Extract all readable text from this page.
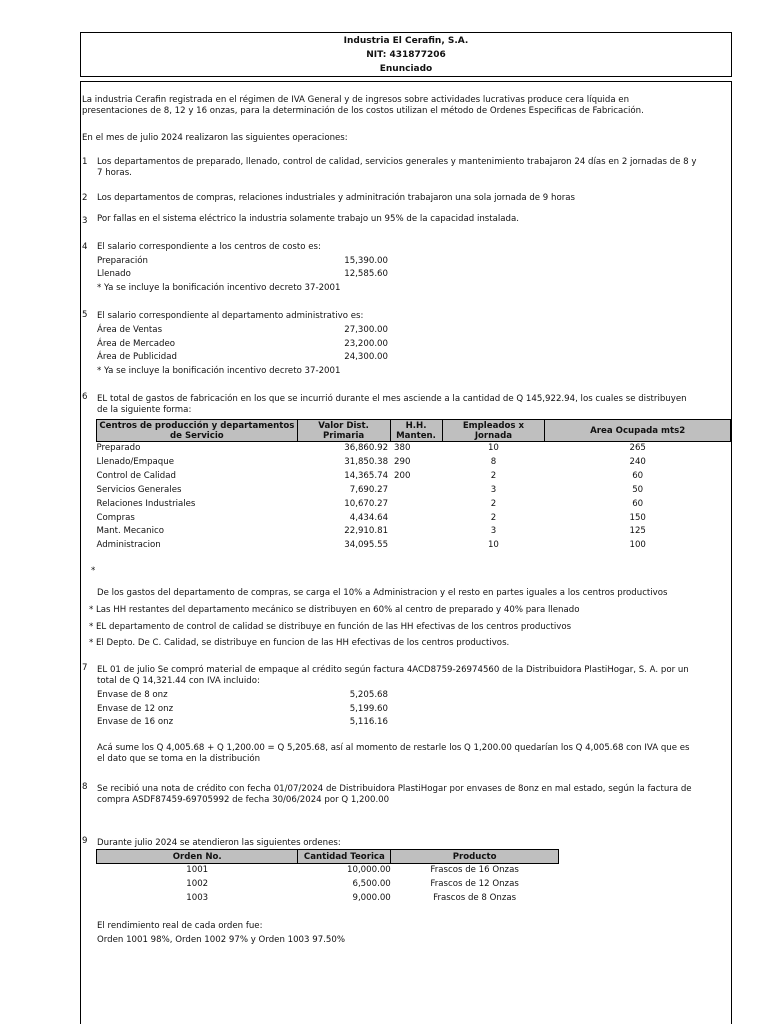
Industria El Cerafin, S.A.
NIT: 431877206
Enunciado
La industria Cerafin registrada en el régimen de IVA General y de ingresos sobre actividades lucrativas produce cera líquida en presentaciones de 8, 12 y 16 onzas, para la determinación de los costos utilizan el método de Ordenes Especificas de Fabricación.
En el mes de julio 2024 realizaron las siguientes operaciones:
1 Los departamentos de preparado, llenado, control de calidad, servicios generales y mantenimiento trabajaron 24 días en 2 jornadas de 8 y 7 horas.
2 Los departamentos de compras, relaciones industriales y adminitración trabajaron una sola jornada de 9 horas
3 Por fallas en el sistema eléctrico la industria solamente trabajo un 95% de la capacidad instalada.
4 El salario correspondiente a los centros de costo es:
Preparación	15,390.00
Llenado	12,585.60
* Ya se incluye la bonificación incentivo decreto 37-2001
5 El salario correspondiente al departamento administrativo es:
Área de Ventas	27,300.00
Área de Mercadeo	23,200.00
Área de Publicidad	24,300.00
* Ya se incluye la bonificación incentivo decreto 37-2001
6 EL total de gastos de fabricación en los que se incurrió durante el mes asciende a la cantidad de Q 145,922.94, los cuales se distribuyen de la siguiente forma:
Centros de producción y departamentos de Servicio	Valor Dist. Primaria	H.H. Manten.	Empleados x Jornada	Area Ocupada mts2
Preparado	36,860.92	380	10	265
Llenado/Empaque	31,850.38	290	8	240
Control de Calidad	14,365.74	200	2	60
Servicios Generales	7,690.27		3	50
Relaciones Industriales	10,670.27		2	60
Compras	4,434.64		2	150
Mant. Mecanico	22,910.81		3	125
Administracion	34,095.55		10	100
*
De los gastos del departamento de compras, se carga el 10% a Administracion y el resto en partes iguales a los centros productivos
* Las HH restantes del departamento mecánico se distribuyen en 60% al centro de preparado y 40% para llenado
* EL departamento de control de calidad se distribuye en función de las HH efectivas de los centros productivos
* El Depto. De C. Calidad, se distribuye en funcion de las HH efectivas de los centros productivos.
7 EL 01 de julio Se compró material de empaque al crédito según factura 4ACD8759-26974560 de la Distribuidora PlastiHogar, S. A. por un total de Q 14,321.44 con IVA incluido:
Envase de 8 onz	5,205.68
Envase de 12 onz	5,199.60
Envase de 16 onz	5,116.16
Acá sume los Q 4,005.68 + Q 1,200.00 = Q 5,205.68, así al momento de restarle los Q 1,200.00 quedarían los Q 4,005.68 con IVA que es el dato que se toma en la distribución
8 Se recibió una nota de crédito con fecha 01/07/2024 de Distribuidora PlastiHogar por envases de 8onz en mal estado, según la factura de compra ASDF87459-69705992 de fecha 30/06/2024 por Q 1,200.00
9 Durante julio 2024 se atendieron las siguientes ordenes:
Orden No.	Cantidad Teorica	Producto
1001	10,000.00	Frascos de 16 Onzas
1002	6,500.00	Frascos de 12 Onzas
1003	9,000.00	Frascos de 8 Onzas
El rendimiento real de cada orden fue:
Orden 1001 98%, Orden 1002 97% y Orden 1003 97.50%
